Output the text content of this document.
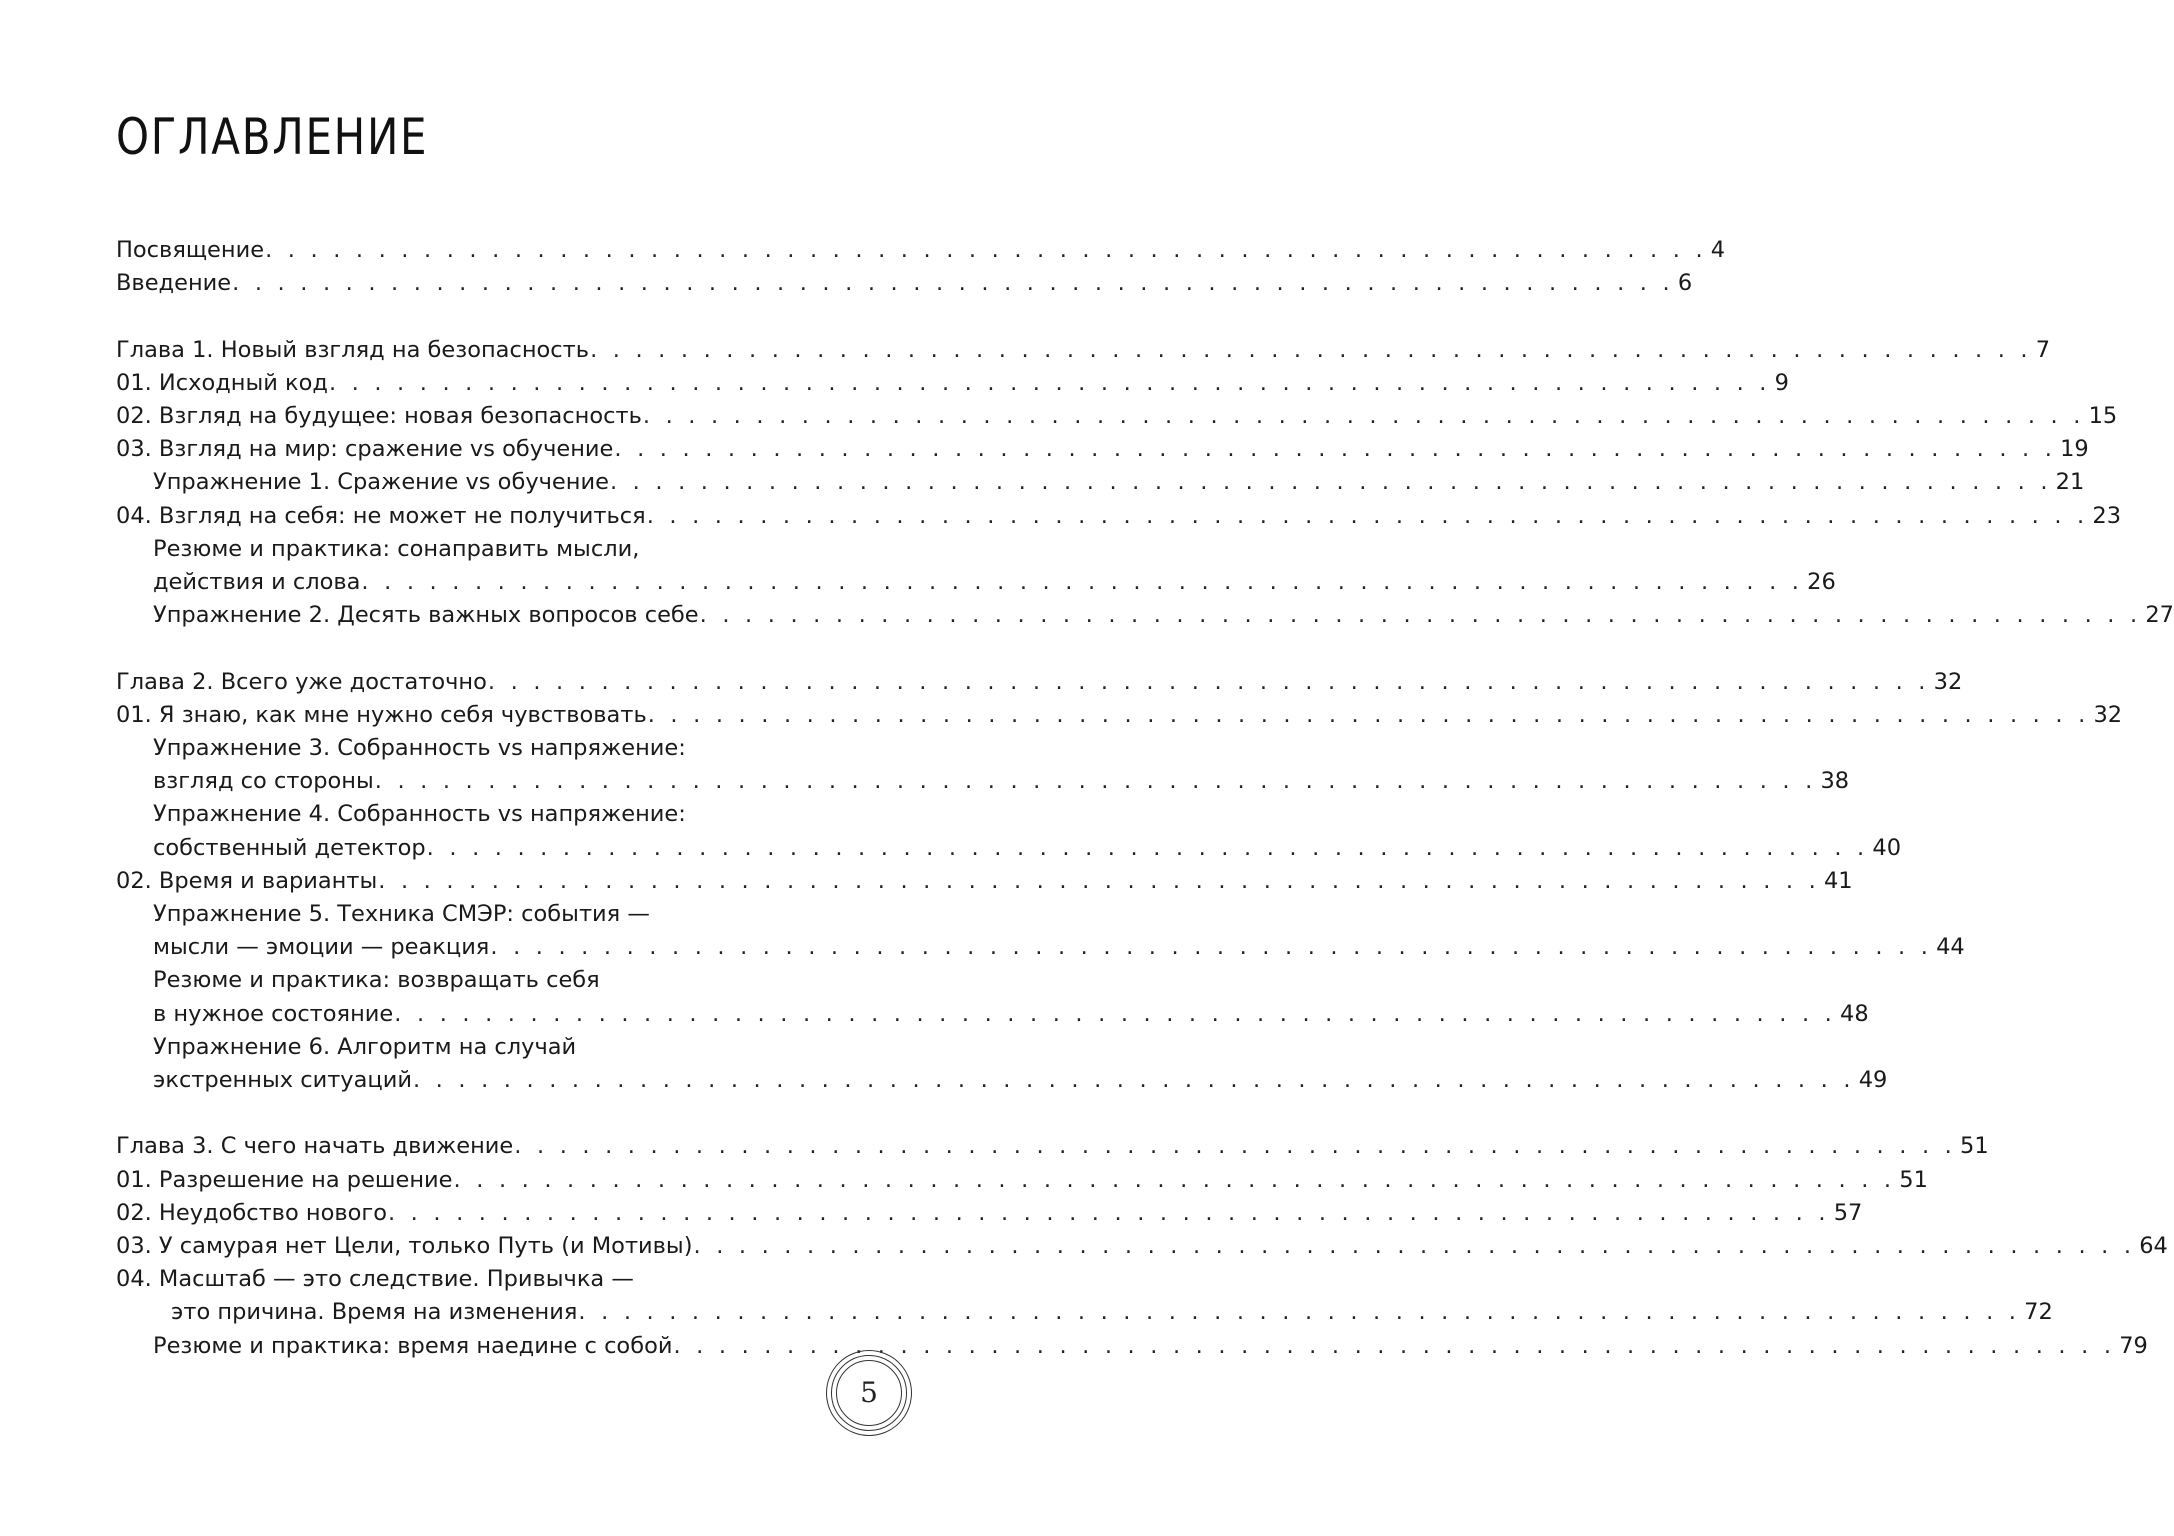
ОГЛАВЛЕНИЕ
Посвящение . . . . . . . . . . . . . . . . . . . . . . . . . . . . . . . . . . . . . . . . . . . . . . . . . . . . . . . . . . . . . . . . 4
Введение . . . . . . . . . . . . . . . . . . . . . . . . . . . . . . . . . . . . . . . . . . . . . . . . . . . . . . . . . . . . . . . . 6
Глава 1. Новый взгляд на безопасность . . . . . . . . . . . . . . . . . . . . . . . . . . . . . . . . . . . . . . . . . . . . . . . . . . . . . . . . . . . . . . . . 7
01. Исходный код . . . . . . . . . . . . . . . . . . . . . . . . . . . . . . . . . . . . . . . . . . . . . . . . . . . . . . . . . . . . . . . . 9
02. Взгляд на будущее: новая безопасность . . . . . . . . . . . . . . . . . . . . . . . . . . . . . . . . . . . . . . . . . . . . . . . . . . . . . . . . . . . . . . . . 15
03. Взгляд на мир: сражение vs обучение . . . . . . . . . . . . . . . . . . . . . . . . . . . . . . . . . . . . . . . . . . . . . . . . . . . . . . . . . . . . . . . . 19
Упражнение 1. Сражение vs обучение . . . . . . . . . . . . . . . . . . . . . . . . . . . . . . . . . . . . . . . . . . . . . . . . . . . . . . . . . . . . . . . . 21
04. Взгляд на себя: не может не получиться . . . . . . . . . . . . . . . . . . . . . . . . . . . . . . . . . . . . . . . . . . . . . . . . . . . . . . . . . . . . . . . . 23
Резюме и практика: сонаправить мысли,
действия и слова . . . . . . . . . . . . . . . . . . . . . . . . . . . . . . . . . . . . . . . . . . . . . . . . . . . . . . . . . . . . . . . . 26
Упражнение 2. Десять важных вопросов себе . . . . . . . . . . . . . . . . . . . . . . . . . . . . . . . . . . . . . . . . . . . . . . . . . . . . . . . . . . . . . . . . 27
Глава 2. Всего уже достаточно . . . . . . . . . . . . . . . . . . . . . . . . . . . . . . . . . . . . . . . . . . . . . . . . . . . . . . . . . . . . . . . . 32
01. Я знаю, как мне нужно себя чувствовать . . . . . . . . . . . . . . . . . . . . . . . . . . . . . . . . . . . . . . . . . . . . . . . . . . . . . . . . . . . . . . . . 32
Упражнение 3. Собранность vs напряжение:
взгляд со стороны . . . . . . . . . . . . . . . . . . . . . . . . . . . . . . . . . . . . . . . . . . . . . . . . . . . . . . . . . . . . . . . . 38
Упражнение 4. Собранность vs напряжение:
собственный детектор . . . . . . . . . . . . . . . . . . . . . . . . . . . . . . . . . . . . . . . . . . . . . . . . . . . . . . . . . . . . . . . . 40
02. Время и варианты . . . . . . . . . . . . . . . . . . . . . . . . . . . . . . . . . . . . . . . . . . . . . . . . . . . . . . . . . . . . . . . . 41
Упражнение 5. Техника СМЭР: события —
мысли — эмоции — реакция . . . . . . . . . . . . . . . . . . . . . . . . . . . . . . . . . . . . . . . . . . . . . . . . . . . . . . . . . . . . . . . . 44
Резюме и практика: возвращать себя
в нужное состояние . . . . . . . . . . . . . . . . . . . . . . . . . . . . . . . . . . . . . . . . . . . . . . . . . . . . . . . . . . . . . . . . 48
Упражнение 6. Алгоритм на случай
экстренных ситуаций . . . . . . . . . . . . . . . . . . . . . . . . . . . . . . . . . . . . . . . . . . . . . . . . . . . . . . . . . . . . . . . . 49
Глава 3. С чего начать движение . . . . . . . . . . . . . . . . . . . . . . . . . . . . . . . . . . . . . . . . . . . . . . . . . . . . . . . . . . . . . . . . 51
01. Разрешение на решение . . . . . . . . . . . . . . . . . . . . . . . . . . . . . . . . . . . . . . . . . . . . . . . . . . . . . . . . . . . . . . . . 51
02. Неудобство нового . . . . . . . . . . . . . . . . . . . . . . . . . . . . . . . . . . . . . . . . . . . . . . . . . . . . . . . . . . . . . . . . 57
03. У самурая нет Цели, только Путь (и Мотивы) . . . . . . . . . . . . . . . . . . . . . . . . . . . . . . . . . . . . . . . . . . . . . . . . . . . . . . . . . . . . . . . . 64
04. Масштаб — это следствие. Привычка —
это причина. Время на изменения . . . . . . . . . . . . . . . . . . . . . . . . . . . . . . . . . . . . . . . . . . . . . . . . . . . . . . . . . . . . . . . . 72
Резюме и практика: время наедине с собой . . . . . . . . . . . . . . . . . . . . . . . . . . . . . . . . . . . . . . . . . . . . . . . . . . . . . . . . . . . . . . . . 79
5
